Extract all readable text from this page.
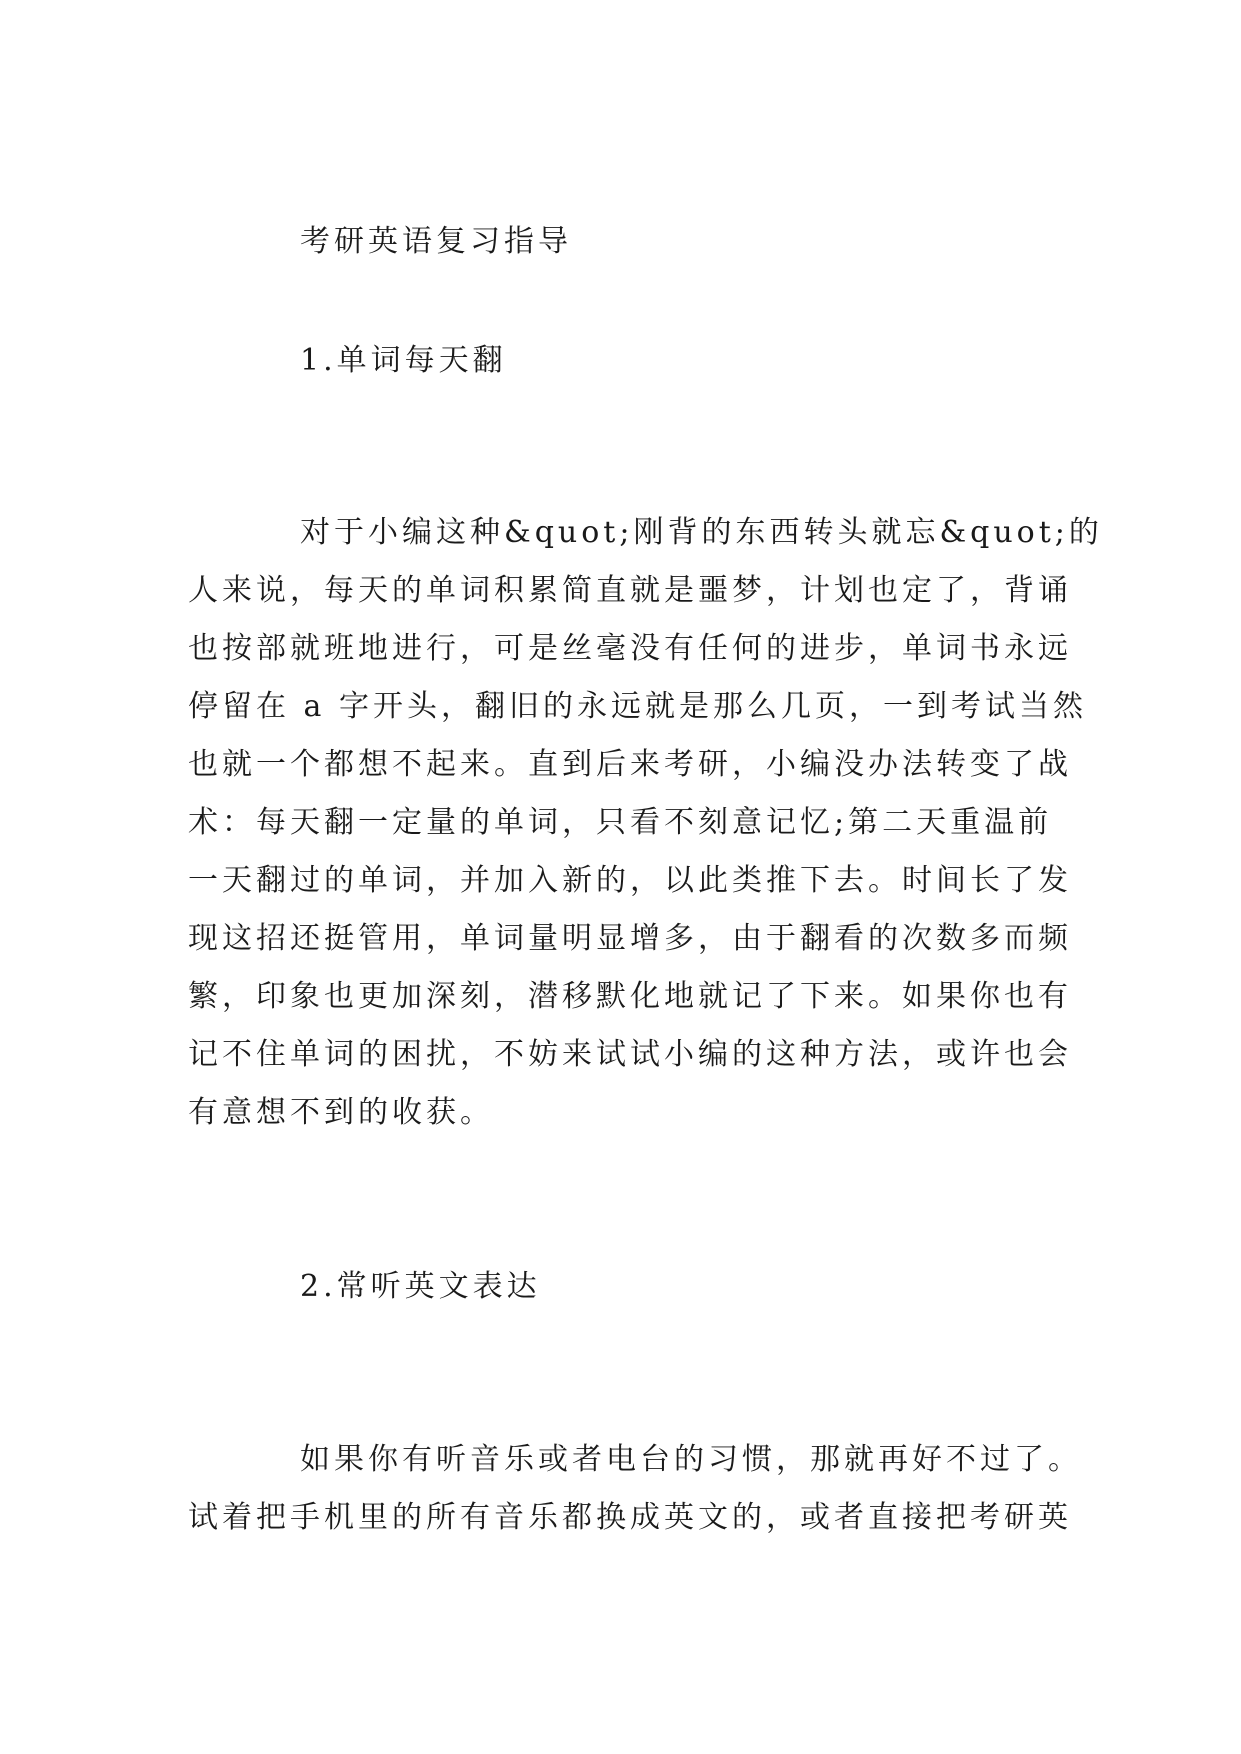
考研英语复习指导
1.单词每天翻
对于小编这种&quot;刚背的东西转头就忘&quot;的
人来说，每天的单词积累简直就是噩梦，计划也定了，背诵
也按部就班地进行，可是丝毫没有任何的进步，单词书永远
停留在 a 字开头，翻旧的永远就是那么几页，一到考试当然
也就一个都想不起来。直到后来考研，小编没办法转变了战
术：每天翻一定量的单词，只看不刻意记忆;第二天重温前
一天翻过的单词，并加入新的，以此类推下去。时间长了发
现这招还挺管用，单词量明显增多，由于翻看的次数多而频
繁，印象也更加深刻，潜移默化地就记了下来。如果你也有
记不住单词的困扰，不妨来试试小编的这种方法，或许也会
有意想不到的收获。
2.常听英文表达
如果你有听音乐或者电台的习惯，那就再好不过了。
试着把手机里的所有音乐都换成英文的，或者直接把考研英
